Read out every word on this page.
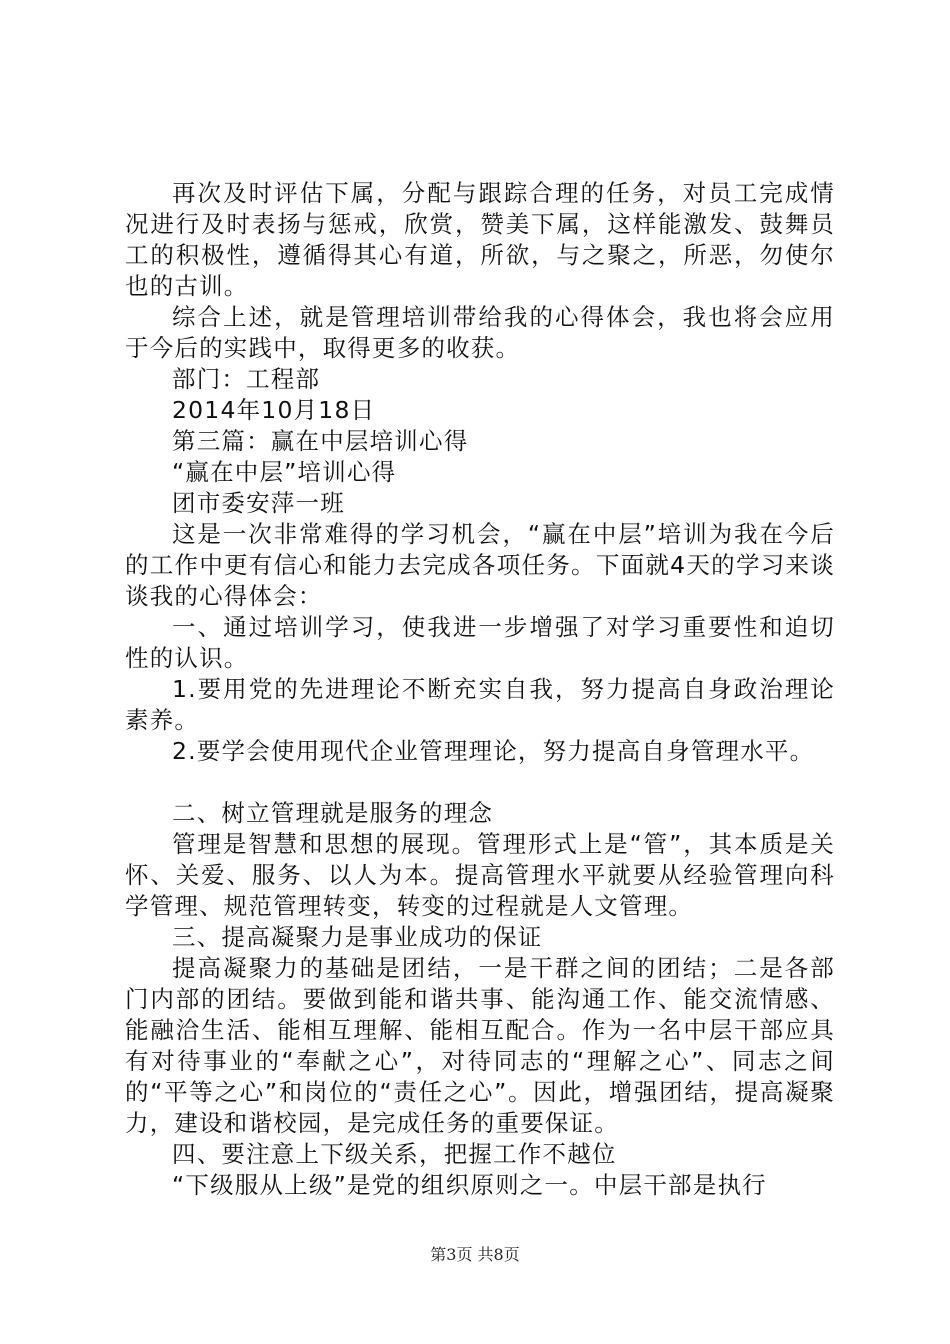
再次及时评估下属，分配与跟踪合理的任务，对员工完成情况进行及时表扬与惩戒，欣赏，赞美下属，这样能激发、鼓舞员工的积极性，遵循得其心有道，所欲，与之聚之，所恶，勿使尔也的古训。

综合上述，就是管理培训带给我的心得体会，我也将会应用于今后的实践中，取得更多的收获。

部门：工程部

2014年10月18日

第三篇：赢在中层培训心得

“赢在中层”培训心得

团市委安萍一班

这是一次非常难得的学习机会，“赢在中层”培训为我在今后的工作中更有信心和能力去完成各项任务。下面就4天的学习来谈谈我的心得体会：

一、通过培训学习，使我进一步增强了对学习重要性和迫切性的认识。

1.要用党的先进理论不断充实自我，努力提高自身政治理论素养。

2.要学会使用现代企业管理理论，努力提高自身管理水平。

二、树立管理就是服务的理念

管理是智慧和思想的展现。管理形式上是“管”，其本质是关怀、关爱、服务、以人为本。提高管理水平就要从经验管理向科学管理、规范管理转变，转变的过程就是人文管理。

三、提高凝聚力是事业成功的保证

提高凝聚力的基础是团结，一是干群之间的团结；二是各部门内部的团结。要做到能和谐共事、能沟通工作、能交流情感、能融洽生活、能相互理解、能相互配合。作为一名中层干部应具有对待事业的“奉献之心”，对待同志的“理解之心”、同志之间的“平等之心”和岗位的“责任之心”。因此，增强团结，提高凝聚力，建设和谐校园，是完成任务的重要保证。

四、要注意上下级关系，把握工作不越位

“下级服从上级”是党的组织原则之一。中层干部是执行

第3页 共8页
